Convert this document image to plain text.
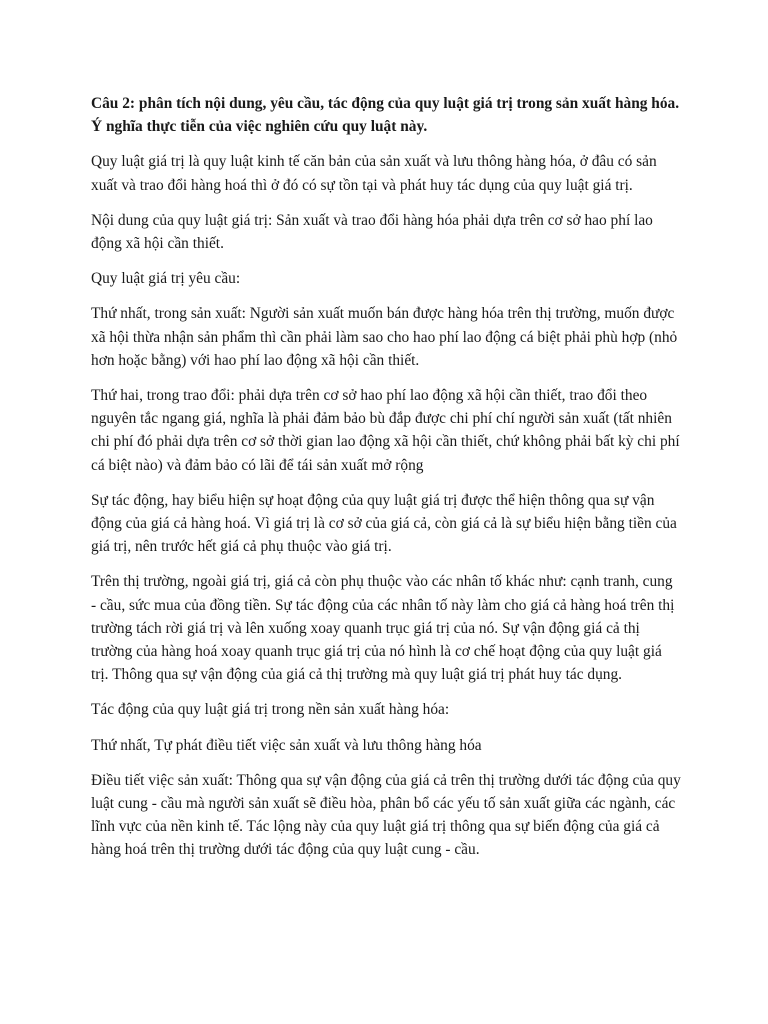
Câu 2: phân tích nội dung, yêu cầu, tác động của quy luật giá trị trong sản xuất hàng hóa. Ý nghĩa thực tiễn của việc nghiên cứu quy luật này.
Quy luật giá trị là quy luật kinh tế căn bản của sản xuất và lưu thông hàng hóa, ở đâu có sản xuất và trao đổi hàng hoá thì ở đó có sự tồn tại và phát huy tác dụng của quy luật giá trị.
Nội dung của quy luật giá trị: Sản xuất và trao đổi hàng hóa phải dựa trên cơ sở hao phí lao động xã hội cần thiết.
Quy luật giá trị yêu cầu:
Thứ nhất, trong sản xuất: Người sản xuất muốn bán được hàng hóa trên thị trường, muốn được xã hội thừa nhận sản phẩm thì cần phải làm sao cho hao phí lao động cá biệt phải phù hợp (nhỏ hơn hoặc bằng) với hao phí lao động xã hội cần thiết.
Thứ hai, trong trao đổi: phải dựa trên cơ sở hao phí lao động xã hội cần thiết, trao đổi theo nguyên tắc ngang giá, nghĩa là phải đảm bảo bù đắp được chi phí chí người sản xuất (tất nhiên chi phí đó phải dựa trên cơ sở thời gian lao động xã hội cần thiết, chứ không phải bất kỳ chi phí cá biệt nào) và đảm bảo có lãi để tái sản xuất mở rộng
Sự tác động, hay biểu hiện sự hoạt động của quy luật giá trị được thể hiện thông qua sự vận động của giá cả hàng hoá. Vì giá trị là cơ sở của giá cả, còn giá cả là sự biểu hiện bằng tiền của giá trị, nên trước hết giá cả phụ thuộc vào giá trị.
Trên thị trường, ngoài giá trị, giá cả còn phụ thuộc vào các nhân tố khác như: cạnh tranh, cung - cầu, sức mua của đồng tiền. Sự tác động của các nhân tố này làm cho giá cả hàng hoá trên thị trường tách rời giá trị và lên xuống xoay quanh trục giá trị của nó. Sự vận động giá cả thị trường của hàng hoá xoay quanh trục giá trị của nó hình là cơ chế hoạt động của quy luật giá trị. Thông qua sự vận động của giá cả thị trường mà quy luật giá trị phát huy tác dụng.
Tác động của quy luật giá trị trong nền sản xuất hàng hóa:
Thứ nhất, Tự phát điều tiết việc sản xuất và lưu thông hàng hóa
Điều tiết việc sản xuất: Thông qua sự vận động của giá cả trên thị trường dưới tác động của quy luật cung - cầu mà người sản xuất sẽ điều hòa, phân bổ các yếu tố sản xuất giữa các ngành, các lĩnh vực của nền kinh tế. Tác lộng này của quy luật giá trị thông qua sự biến động của giá cả hàng hoá trên thị trường dưới tác động của quy luật cung - cầu.
